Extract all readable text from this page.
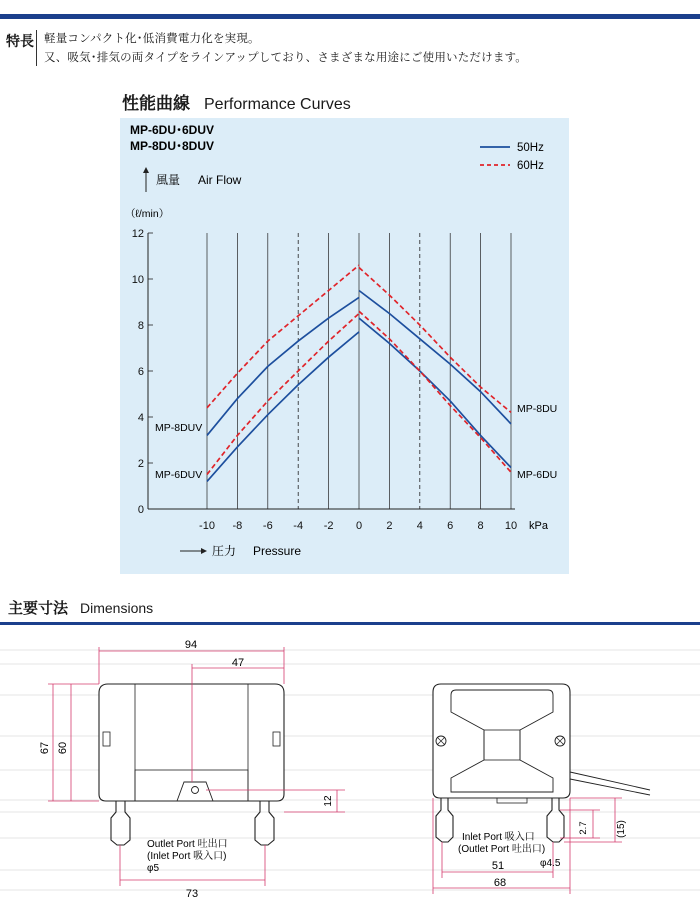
特長 軽量コンパクト化･低消費電力化を実現。
又、吸気･排気の両タイプをラインアップしており、さまざまな用途にご使用いただけます。
性能曲線 Performance Curves
-10 -8 -6 -4 -2 0 2 4 6 8 10
0
2
4
6
8
10
12
MP-6DU･6DUV
MP-8DU･8DUV	50Hz
60Hz
風量 Air Flow
（ℓ/min）
圧力 Pressure
kPa
MP-8DUV
MP-6DUV
MP-8DU
MP-6DU
主要寸法 Dimensions
94
47
67 60
12
Outlet Port 吐出口
(Inlet Port 吸入口)
φ5
73
Inlet Port 吸入口
(Outlet Port 吐出口)
2.7	(15)
φ4.5
51
68
